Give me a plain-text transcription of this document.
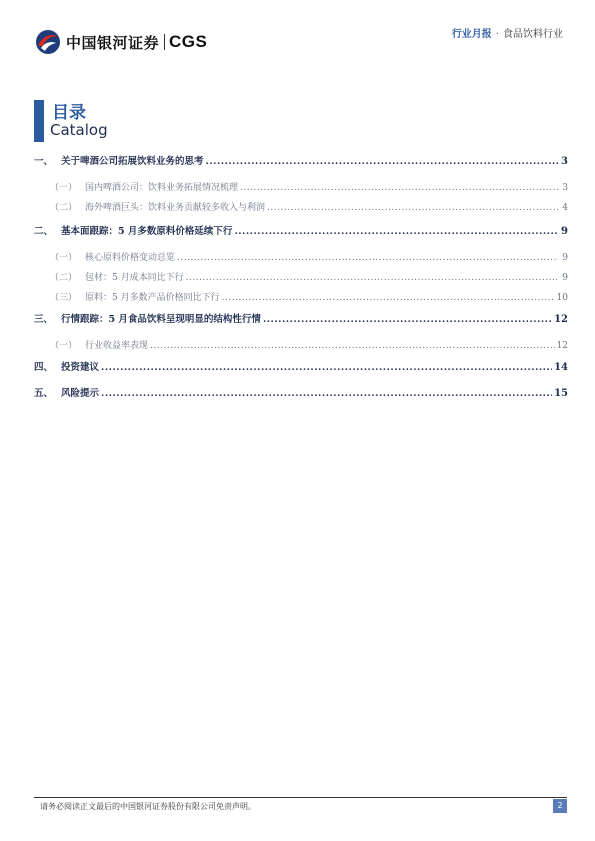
中国银河证券 CGS	行业月报 · 食品饮料行业
目录
Catalog
一、 关于啤酒公司拓展饮料业务的思考 .....	3
（一） 国内啤酒公司：饮料业务拓展情况梳理 .....	3
（二） 海外啤酒巨头：饮料业务贡献较多收入与利润 .....	4
二、 基本面跟踪：5 月多数原料价格延续下行 .....	9
（一） 核心原料价格变动总览 .....	9
（二） 包材：5 月成本同比下行 .....	9
（三） 原料：5 月多数产品价格同比下行 .....	10
三、 行情跟踪：5 月食品饮料呈现明显的结构性行情 .....	12
（一） 行业收益率表现 .....	12
四、 投资建议 .....	14
五、 风险提示 .....	15
请务必阅读正文最后的中国银河证券股份有限公司免责声明。	2
